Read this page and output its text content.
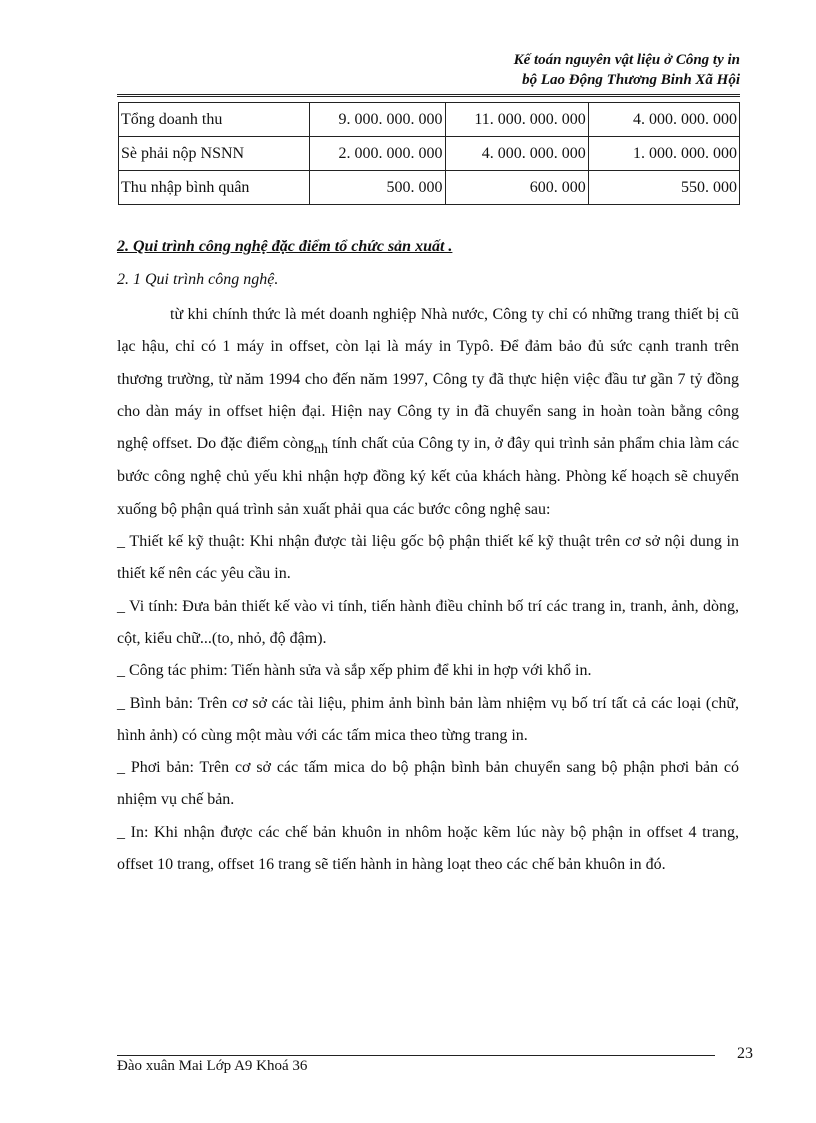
Kế toán nguyên vật liệu ở Công ty in
bộ Lao Động Thương Binh Xã Hội
Tổng doanh thu	9. 000. 000. 000	11. 000. 000. 000	4. 000. 000. 000
Sè phải nộp NSNN	2. 000. 000. 000	4. 000. 000. 000	1. 000. 000. 000
Thu nhập bình quân	500. 000	600. 000	550. 000
2. Qui trình công nghệ đặc điểm tổ chức sản xuất .
2. 1 Qui trình công nghệ.

từ khi chính thức là mét doanh nghiệp Nhà nước, Công ty chỉ có những trang thiết bị cũ lạc hậu, chỉ có 1 máy in offset, còn lại là máy in Typô. Để đảm bảo đủ sức cạnh tranh trên thương trường, từ năm 1994 cho đến năm 1997, Công ty đã thực hiện việc đầu tư gần 7 tỷ đồng cho dàn máy in offset hiện đại. Hiện nay Công ty in đã chuyển sang in hoàn toàn bằng công nghệ offset. Do đặc điểm còngnh tính chất của Công ty in, ở đây qui trình sản phẩm chia làm các bước công nghệ chủ yếu khi nhận hợp đồng ký kết của khách hàng. Phòng kế hoạch sẽ chuyển xuống bộ phận quá trình sản xuất phải qua các bước công nghệ sau:

_ Thiết kế kỹ thuật: Khi nhận được tài liệu gốc bộ phận thiết kế kỹ thuật trên cơ sở nội dung in thiết kế nên các yêu cầu in.

_ Vi tính: Đưa bản thiết kế vào vi tính, tiến hành điều chỉnh bố trí các trang in, tranh, ảnh, dòng, cột, kiểu chữ...(to, nhỏ, độ đậm).

_ Công tác phim: Tiến hành sửa và sắp xếp phim để khi in hợp với khổ in.

_ Bình bản: Trên cơ sở các tài liệu, phim ảnh bình bản làm nhiệm vụ bố trí tất cả các loại (chữ, hình ảnh) có cùng một màu với các tấm mica theo từng trang in.

_ Phơi bản: Trên cơ sở các tấm mica do bộ phận bình bản chuyển sang bộ phận phơi bản có nhiệm vụ chế bản.

_ In: Khi nhận được các chế bản khuôn in nhôm hoặc kẽm lúc này bộ phận in offset 4 trang, offset 10 trang, offset 16 trang sẽ tiến hành in hàng loạt theo các chế bản khuôn in đó.

Đào xuân Mai Lớp A9 Khoá 36
23
